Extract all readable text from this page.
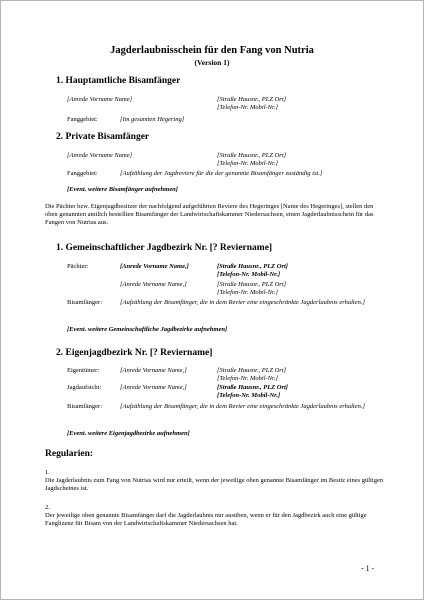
Jagderlaubnisschein für den Fang von Nutria
(Version 1)
1. Hauptamtliche Bisamfänger
[Anrede Vorname Name]	[Straße Hausnr., PLZ Ort]
[Telefon-Nr. Mobil-Nr.]
Fanggebiet:	[Im gesamten Hegering]
2. Private Bisamfänger
[Anrede Vorname Name]	[Straße Hausnr., PLZ Ort]
[Telefon-Nr. Mobil-Nr.]
Fanggebiet:	[Aufzählung der Jagdreviere für die der genannte Bisamfänger zuständig ist.]
[Event. weitere Bisamfänger aufnehmen]
Die Pächter bzw. Eigenjagdbesitzer der nachfolgend aufgeführten Reviere des Hegeringes [Name des Hegeringes], stellen den oben genannten amtlich bestellten Bisamfänger der Landwirtschaftskammer Niedersachsen, einen Jagderlaubnisschein für das Fangen von Nutrias aus.
1. Gemeinschaftlicher Jagdbezirk Nr. [? Reviername]
Pächter:	[Anrede Vorname Name,]	[Straße Hausnr., PLZ Ort]
[Telefon-Nr. Mobil-Nr.]
[Anrede Vorname Name,]	[Straße Hausnr., PLZ Ort]
[Telefon-Nr. Mobil-Nr.]
Bisamfänger:	[Aufzählung der Bisamfänger, die in dem Revier eine eingeschränkte Jagderlaubnis erhalten.]
[Event. weitere Gemeinschaftliche Jagdbezirke aufnehmen]
2. Eigenjagdbezirk Nr. [? Reviername]
Eigentümer:	[Anrede Vorname Name,]	[Straße Hausnr., PLZ Ort]
[Telefon-Nr. Mobil-Nr.]
Jagdaufsicht:	[Anrede Vorname Name,]	[Straße Hausnr., PLZ Ort]
[Telefon-Nr. Mobil-Nr.]
Bisamfänger:	[Aufzählung der Bisamfänger, die in dem Revier eine eingeschränkte Jagderlaubnis erhalten.]
[Event. weitere Eigenjagdbezirke aufnehmen]
Regularien:
1.
Die Jagderlaubnis zum Fang von Nutrias wird nur erteilt, wenn der jeweilige oben genannte Bisamfänger im Besitz eines gültigen Jagdscheines ist.
2.
Der jeweilige oben genannte Bisamfänger darf die Jagderlaubnis nur ausüben, wenn er für den Jagdbezirk auch eine gültige Fanglizenz für Bisam von der Landwirtschaftskammer Niedersachsen hat.
- 1 -
